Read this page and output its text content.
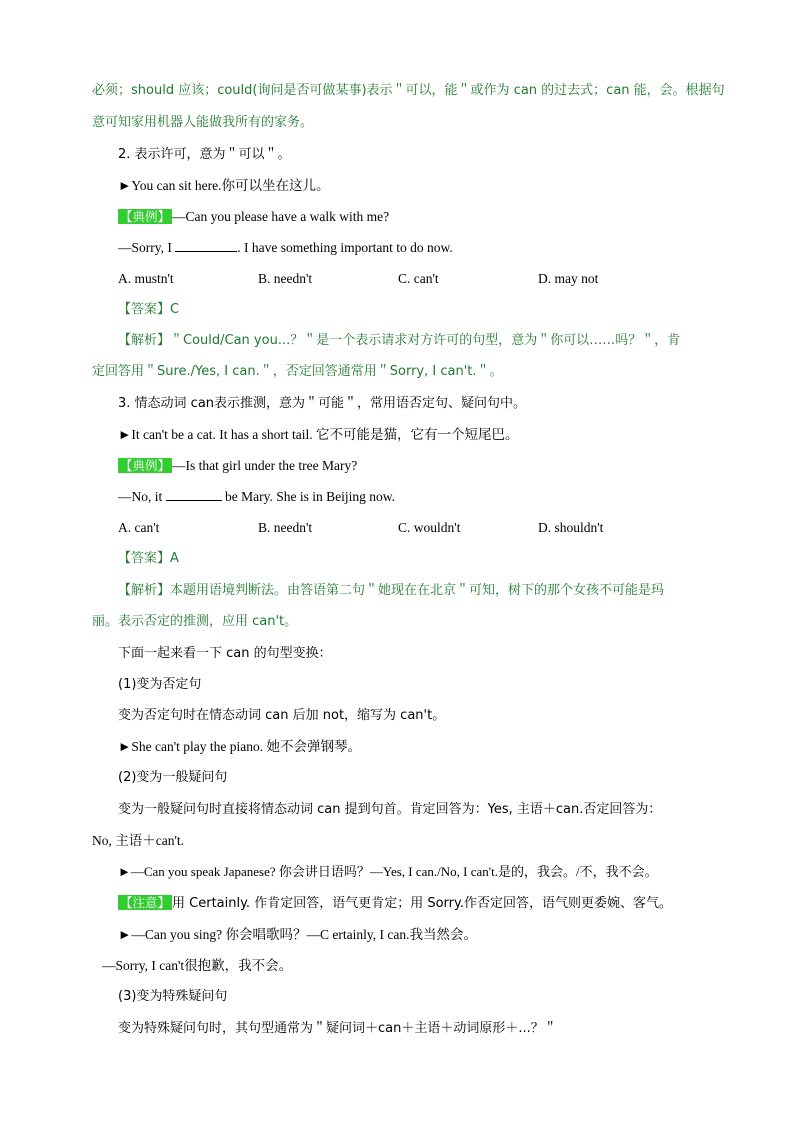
必须；should 应该；could(询问是否可做某事)表示＂可以，能＂或作为 can 的过去式；can 能，会。根据句
意可知家用机器人能做我所有的家务。
2. 表示许可，意为＂可以＂。
►You can sit here.你可以坐在这儿。
【典例】 —Can you please have a walk with me?
—Sorry, I	. I have something important to do now.
A. mustn't	B. needn't	C. can't	D. may not
【答案】C
【解析】＂Could/Can you...？＂是一个表示请求对方许可的句型，意为＂你可以……吗？＂，肯
定回答用＂Sure./Yes, I can.＂，否定回答通常用＂Sorry, I can't.＂。
3. 情态动词 can表示推测，意为＂可能＂，常用语否定句、疑问句中。
►It can't be a cat. It has a short tail. 它不可能是猫，它有一个短尾巴。
【典例】 —Is that girl under the tree Mary?
—No, it	be Mary. She is in Beijing now.
A. can't	B. needn't	C. wouldn't	D. shouldn't
【答案】A
【解析】本题用语境判断法。由答语第二句＂她现在在北京＂可知，树下的那个女孩不可能是玛
丽。表示否定的推测，应用 can't。
下面一起来看一下 can 的句型变换：
(1)变为否定句
变为否定句时在情态动词 can 后加 not，缩写为 can't。
►She can't play the piano. 她不会弹钢琴。
(2)变为一般疑问句
变为一般疑问句时直接将情态动词 can 提到句首。肯定回答为：Yes, 主语＋can.否定回答为：
No, 主语＋can't.
►—Can you speak Japanese? 你会讲日语吗？—Yes, I can./No, I can't.是的，我会。/不，我不会。
【注意】 用 Certainly. 作肯定回答，语气更肯定；用 Sorry.作否定回答，语气则更委婉、客气。
►—Can you sing? 你会唱歌吗？—C ertainly, I can.我当然会。
—Sorry, I can't很抱歉，我不会。
(3)变为特殊疑问句
变为特殊疑问句时，其句型通常为＂疑问词＋can＋主语＋动词原形＋...？＂
